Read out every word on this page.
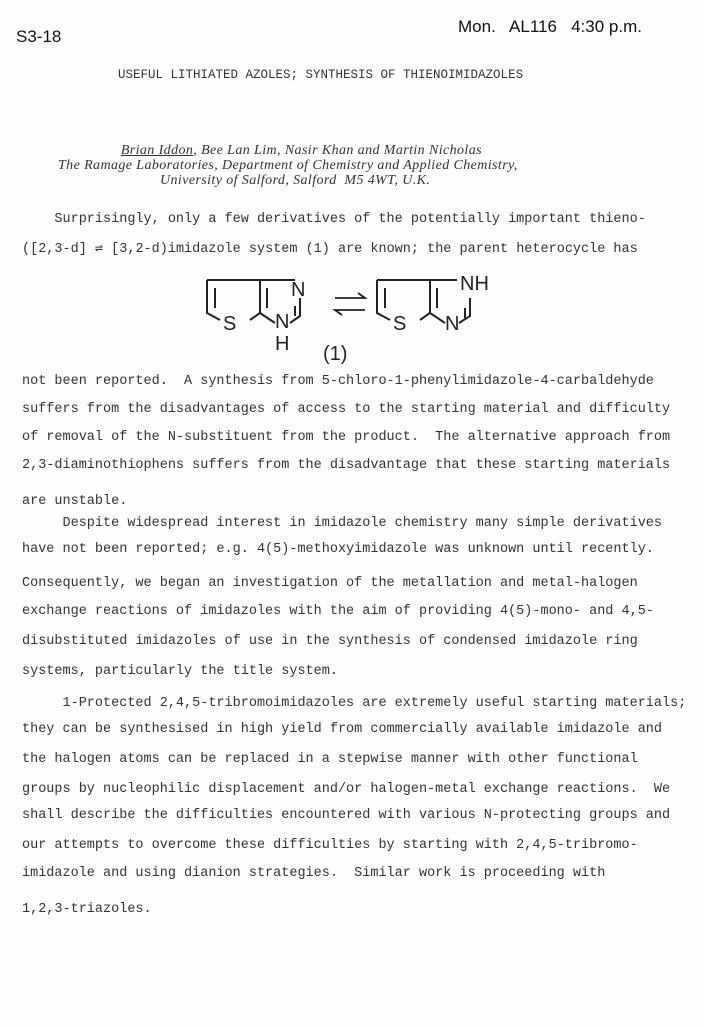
S3-18
Mon.   AL116   4:30 p.m.
USEFUL LITHIATED AZOLES; SYNTHESIS OF THIENOIMIDAZOLES

Brian Iddon, Bee Lan Lim, Nasir Khan and Martin Nicholas

The Ramage Laboratories, Department of Chemistry and Applied Chemistry,
University of Salford, Salford  M5 4WT, U.K.
Surprisingly, only a few derivatives of the potentially important thieno-
([2,3-d] ⇌ [3,2-d)imidazole system (1) are known; the parent heterocycle has
not been reported.  A synthesis from 5-chloro-1-phenylimidazole-4-carbaldehyde
suffers from the disadvantages of access to the starting material and difficulty
of removal of the N-substituent from the product.  The alternative approach from
2,3-diaminothiophens suffers from the disadvantage that these starting materials
are unstable.
Despite widespread interest in imidazole chemistry many simple derivatives
have not been reported; e.g. 4(5)-methoxyimidazole was unknown until recently.
Consequently, we began an investigation of the metallation and metal-halogen
exchange reactions of imidazoles with the aim of providing 4(5)-mono- and 4,5-
disubstituted imidazoles of use in the synthesis of condensed imidazole ring
systems, particularly the title system.
1-Protected 2,4,5-tribromoimidazoles are extremely useful starting materials;
they can be synthesised in high yield from commercially available imidazole and
the halogen atoms can be replaced in a stepwise manner with other functional
groups by nucleophilic displacement and/or halogen-metal exchange reactions.  We
shall describe the difficulties encountered with various N-protecting groups and
our attempts to overcome these difficulties by starting with 2,4,5-tribromo-
imidazole and using dianion strategies.  Similar work is proceeding with
1,2,3-triazoles.
S
N
N
H
S
NH
N
(1)
